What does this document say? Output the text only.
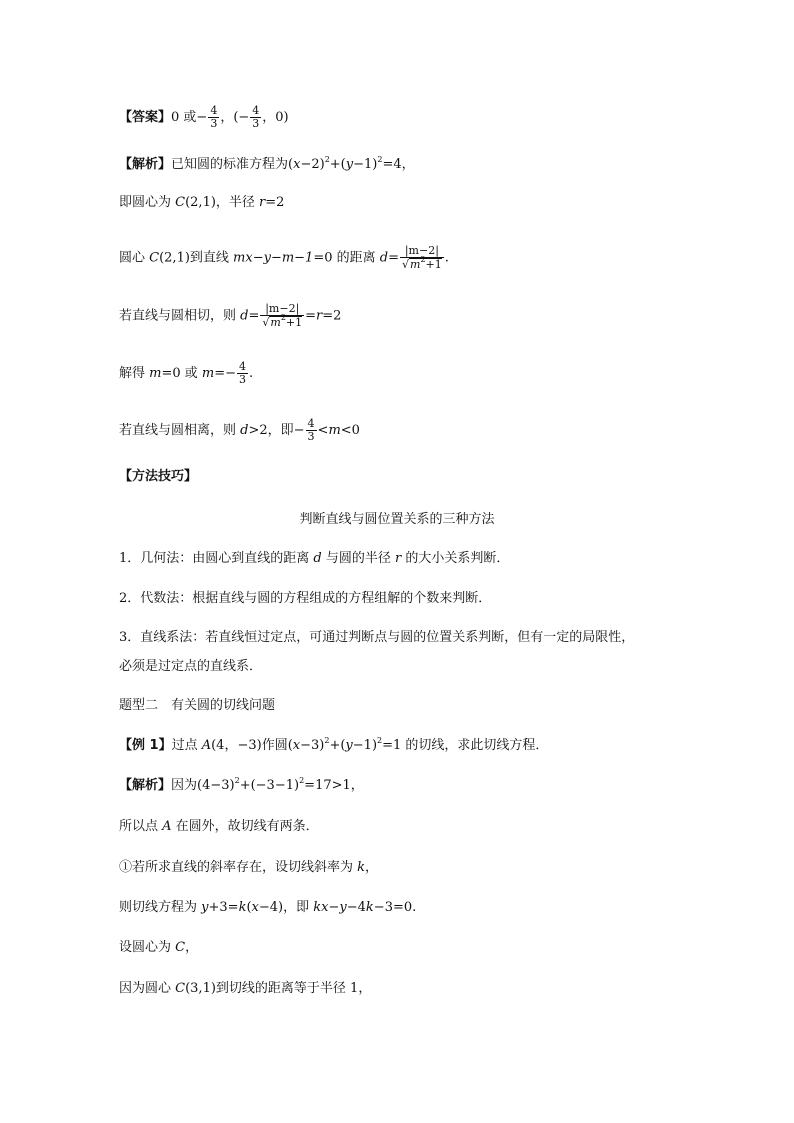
【答案】0 或− $\frac{4}{3}$ ，(− $\frac{4}{3}$ ，0)
【解析】已知圆的标准方程为$(x-2)^2+(y-1)^2=4$，
即圆心为 C(2,1)，半径 r=2
圆心 C(2,1)到直线 mx−y−m−1=0 的距离 $d= \frac{|m-2|}{√m^2+1}$ .
若直线与圆相切，则 $d= \frac{|m-2|}{√m^2+1} =r=2$
解得 m=0 或 $m=- \frac{4}{3}$ .
若直线与圆相离，则 d>2，即− $\frac{4}{3} <m<0$
【方法技巧】
判断直线与圆位置关系的三种方法
1．几何法：由圆心到直线的距离 d 与圆的半径 r 的大小关系判断．
2．代数法：根据直线与圆的方程组成的方程组解的个数来判断．
3．直线系法：若直线恒过定点，可通过判断点与圆的位置关系判断，但有一定的局限性，
必须是过定点的直线系．
题型二　有关圆的切线问题
【例 1】过点 A(4，−3)作圆$(x-3)^2+(y-1)^2=1$ 的切线，求此切线方程．
【解析】因为$(4-3)^2+(-3-1)^2=17>1$，
所以点 A 在圆外，故切线有两条．
①若所求直线的斜率存在，设切线斜率为 k，
则切线方程为 y+3=k(x−4)，即 kx−y−4k−3=0.
设圆心为 C，
因为圆心 C(3,1)到切线的距离等于半径 1，
